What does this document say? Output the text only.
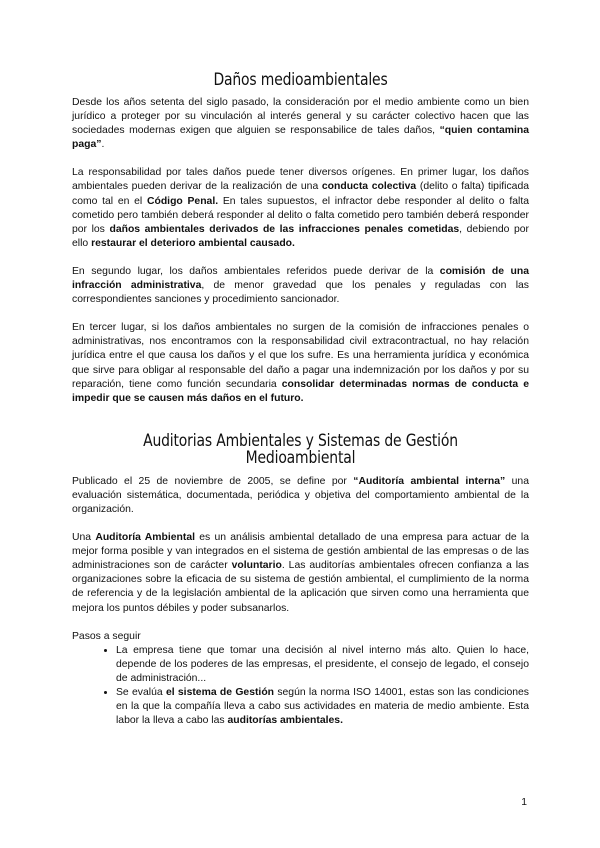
Daños medioambientales

Desde los años setenta del siglo pasado, la consideración por el medio ambiente como un bien jurídico a proteger por su vinculación al interés general y su carácter colectivo hacen que las sociedades modernas exigen que alguien se responsabilice de tales daños, “quien contamina paga”.

La responsabilidad por tales daños puede tener diversos orígenes. En primer lugar, los daños ambientales pueden derivar de la realización de una conducta colectiva (delito o falta) tipificada como tal en el Código Penal. En tales supuestos, el infractor debe responder al delito o falta cometido pero también deberá responder al delito o falta cometido pero también deberá responder por los daños ambientales derivados de las infracciones penales cometidas, debiendo por ello restaurar el deterioro ambiental causado.

En segundo lugar, los daños ambientales referidos puede derivar de la comisión de una infracción administrativa, de menor gravedad que los penales y reguladas con las correspondientes sanciones y procedimiento sancionador.

En tercer lugar, si los daños ambientales no surgen de la comisión de infracciones penales o administrativas, nos encontramos con la responsabilidad civil extracontractual, no hay relación jurídica entre el que causa los daños y el que los sufre. Es una herramienta jurídica y económica que sirve para obligar al responsable del daño a pagar una indemnización por los daños y por su reparación, tiene como función secundaria consolidar determinadas normas de conducta e impedir que se causen más daños en el futuro.

Auditorias Ambientales y Sistemas de Gestión Medioambiental

Publicado el 25 de noviembre de 2005, se define por “Auditoría ambiental interna” una evaluación sistemática, documentada, periódica y objetiva del comportamiento ambiental de la organización.

Una Auditoría Ambiental es un análisis ambiental detallado de una empresa para actuar de la mejor forma posible y van integrados en el sistema de gestión ambiental de las empresas o de las administraciones son de carácter voluntario. Las auditorías ambientales ofrecen confianza a las organizaciones sobre la eficacia de su sistema de gestión ambiental, el cumplimiento de la norma de referencia y de la legislación ambiental de la aplicación que sirven como una herramienta que mejora los puntos débiles y poder subsanarlos.

Pasos a seguir

• La empresa tiene que tomar una decisión al nivel interno más alto. Quien lo hace, depende de los poderes de las empresas, el presidente, el consejo de legado, el consejo de administración...
• Se evalúa el sistema de Gestión según la norma ISO 14001, estas son las condiciones en la que la compañía lleva a cabo sus actividades en materia de medio ambiente. Esta labor la lleva a cabo las auditorías ambientales.
1
